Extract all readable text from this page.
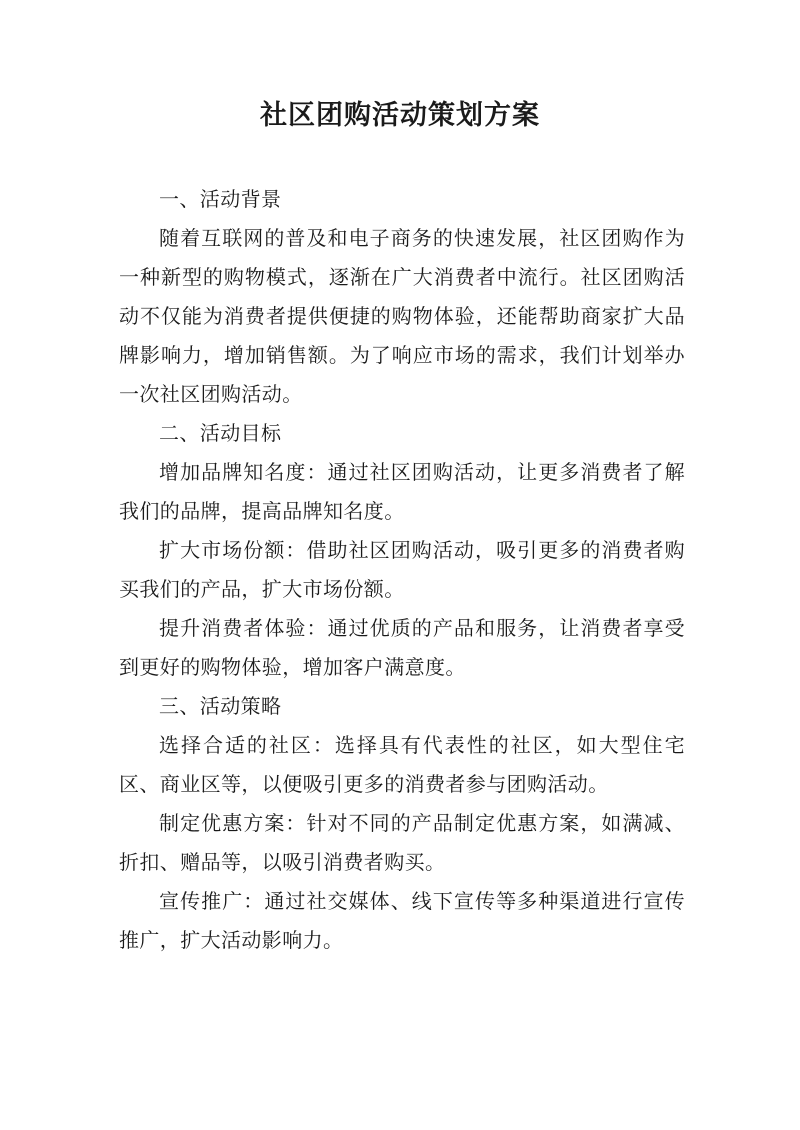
社区团购活动策划方案

一、活动背景

随着互联网的普及和电子商务的快速发展，社区团购作为一种新型的购物模式，逐渐在广大消费者中流行。社区团购活动不仅能为消费者提供便捷的购物体验，还能帮助商家扩大品牌影响力，增加销售额。为了响应市场的需求，我们计划举办一次社区团购活动。

二、活动目标

增加品牌知名度：通过社区团购活动，让更多消费者了解我们的品牌，提高品牌知名度。

扩大市场份额：借助社区团购活动，吸引更多的消费者购买我们的产品，扩大市场份额。

提升消费者体验：通过优质的产品和服务，让消费者享受到更好的购物体验，增加客户满意度。

三、活动策略

选择合适的社区：选择具有代表性的社区，如大型住宅区、商业区等，以便吸引更多的消费者参与团购活动。

制定优惠方案：针对不同的产品制定优惠方案，如满减、折扣、赠品等，以吸引消费者购买。

宣传推广：通过社交媒体、线下宣传等多种渠道进行宣传推广，扩大活动影响力。
